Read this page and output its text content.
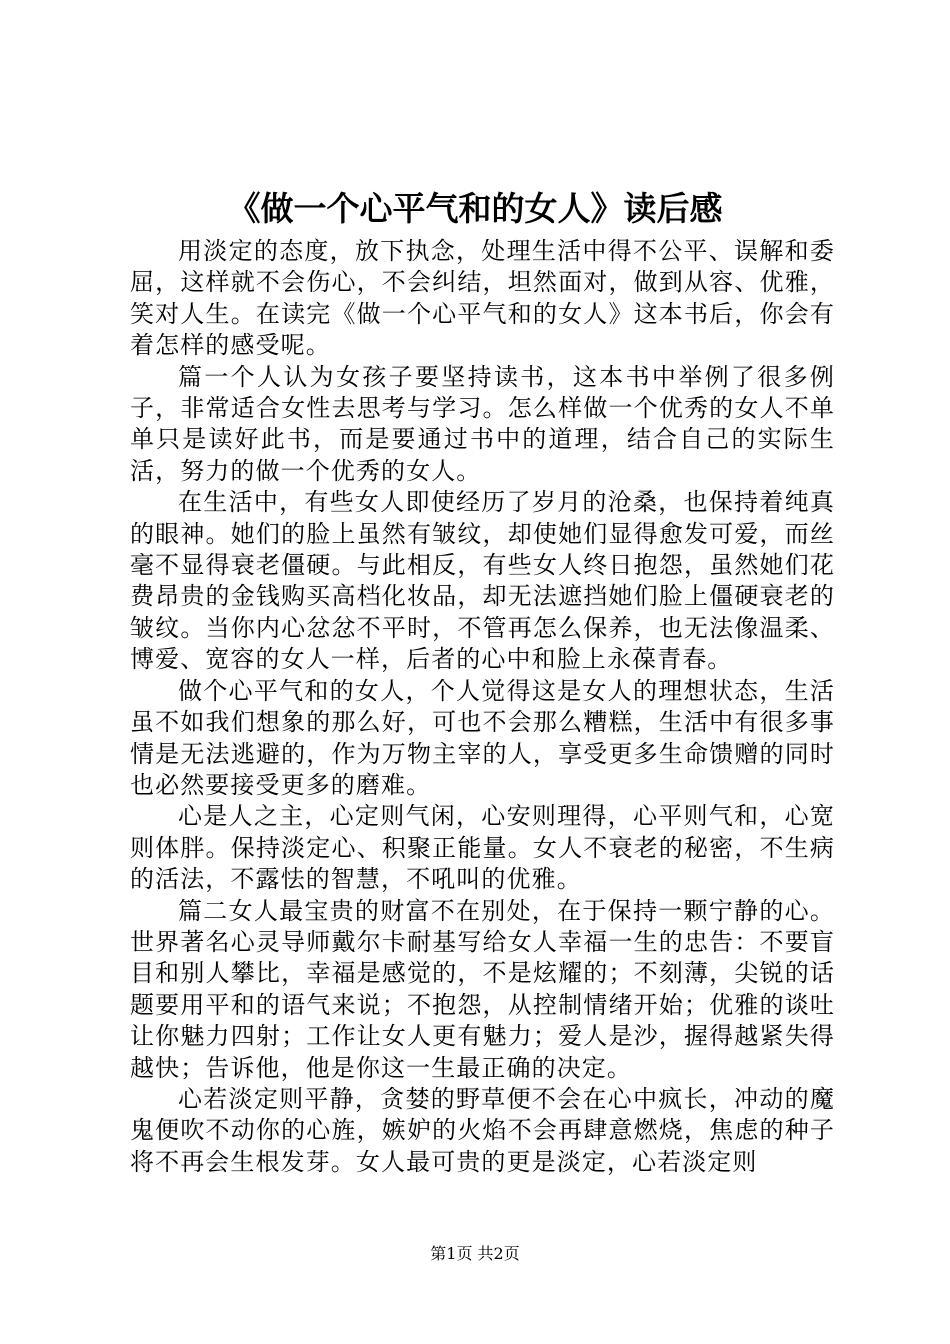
《做一个心平气和的女人》读后感

用淡定的态度，放下执念，处理生活中得不公平、误解和委屈，这样就不会伤心，不会纠结，坦然面对，做到从容、优雅，笑对人生。在读完《做一个心平气和的女人》这本书后，你会有着怎样的感受呢。

篇一个人认为女孩子要坚持读书，这本书中举例了很多例子，非常适合女性去思考与学习。怎么样做一个优秀的女人不单单只是读好此书，而是要通过书中的道理，结合自己的实际生活，努力的做一个优秀的女人。

在生活中，有些女人即使经历了岁月的沧桑，也保持着纯真的眼神。她们的脸上虽然有皱纹，却使她们显得愈发可爱，而丝毫不显得衰老僵硬。与此相反，有些女人终日抱怨，虽然她们花费昂贵的金钱购买高档化妆品，却无法遮挡她们脸上僵硬衰老的皱纹。当你内心忿忿不平时，不管再怎么保养，也无法像温柔、博爱、宽容的女人一样，后者的心中和脸上永葆青春。

做个心平气和的女人，个人觉得这是女人的理想状态，生活虽不如我们想象的那么好，可也不会那么糟糕，生活中有很多事情是无法逃避的，作为万物主宰的人，享受更多生命馈赠的同时也必然要接受更多的磨难。

心是人之主，心定则气闲，心安则理得，心平则气和，心宽则体胖。保持淡定心、积聚正能量。女人不衰老的秘密，不生病的活法，不露怯的智慧，不吼叫的优雅。

篇二女人最宝贵的财富不在别处，在于保持一颗宁静的心。世界著名心灵导师戴尔卡耐基写给女人幸福一生的忠告：不要盲目和别人攀比，幸福是感觉的，不是炫耀的；不刻薄，尖锐的话题要用平和的语气来说；不抱怨，从控制情绪开始；优雅的谈吐让你魅力四射；工作让女人更有魅力；爱人是沙，握得越紧失得越快；告诉他，他是你这一生最正确的决定。

心若淡定则平静，贪婪的野草便不会在心中疯长，冲动的魔鬼便吹不动你的心旌，嫉妒的火焰不会再肆意燃烧，焦虑的种子将不再会生根发芽。女人最可贵的更是淡定，心若淡定则

第1页 共2页
